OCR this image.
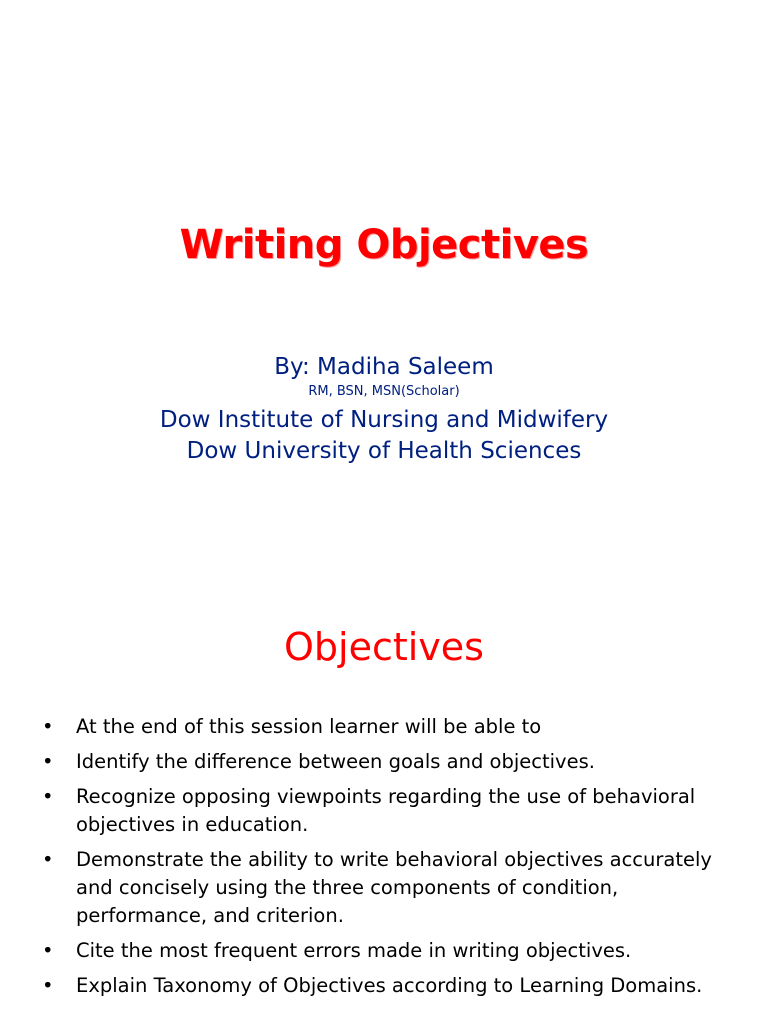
Writing Objectives
By: Madiha Saleem
RM, BSN, MSN(Scholar)
Dow Institute of Nursing and Midwifery
Dow University of Health Sciences
Objectives
•	At the end of this session learner will be able to
•	Identify the difference between goals and objectives.
•	Recognize opposing viewpoints regarding the use of behavioral objectives in education.
•	Demonstrate the ability to write behavioral objectives accurately and concisely using the three components of condition, performance, and criterion.
•	Cite the most frequent errors made in writing objectives.
•	Explain Taxonomy of Objectives according to Learning Domains.
